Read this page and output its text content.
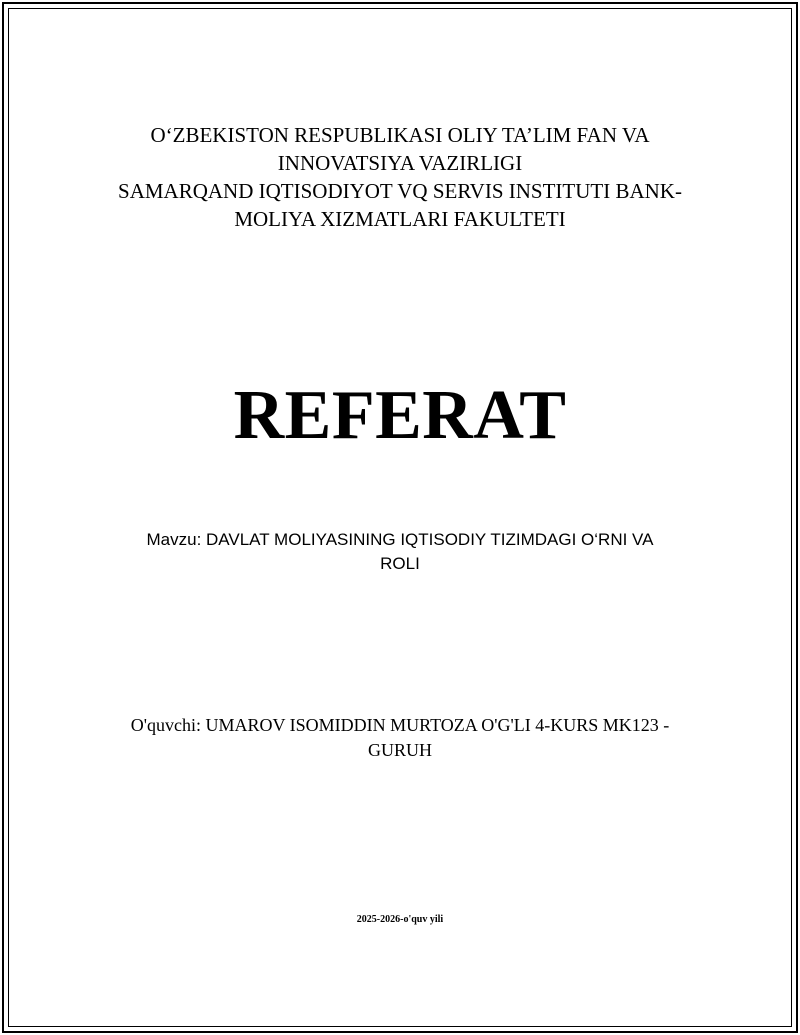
O‘ZBEKISTON RESPUBLIKASI OLIY TA’LIM FAN VA
INNOVATSIYA VAZIRLIGI
SAMARQAND IQTISODIYOT VQ SERVIS INSTITUTI BANK-
MOLIYA XIZMATLARI FAKULTETI
REFERAT
Mavzu: DAVLAT MOLIYASINING IQTISODIY TIZIMDAGI O‘RNI VA
ROLI
O'quvchi: UMAROV ISOMIDDIN MURTOZA O'G'LI 4-KURS MK123 -
GURUH
2025-2026-o'quv yili
